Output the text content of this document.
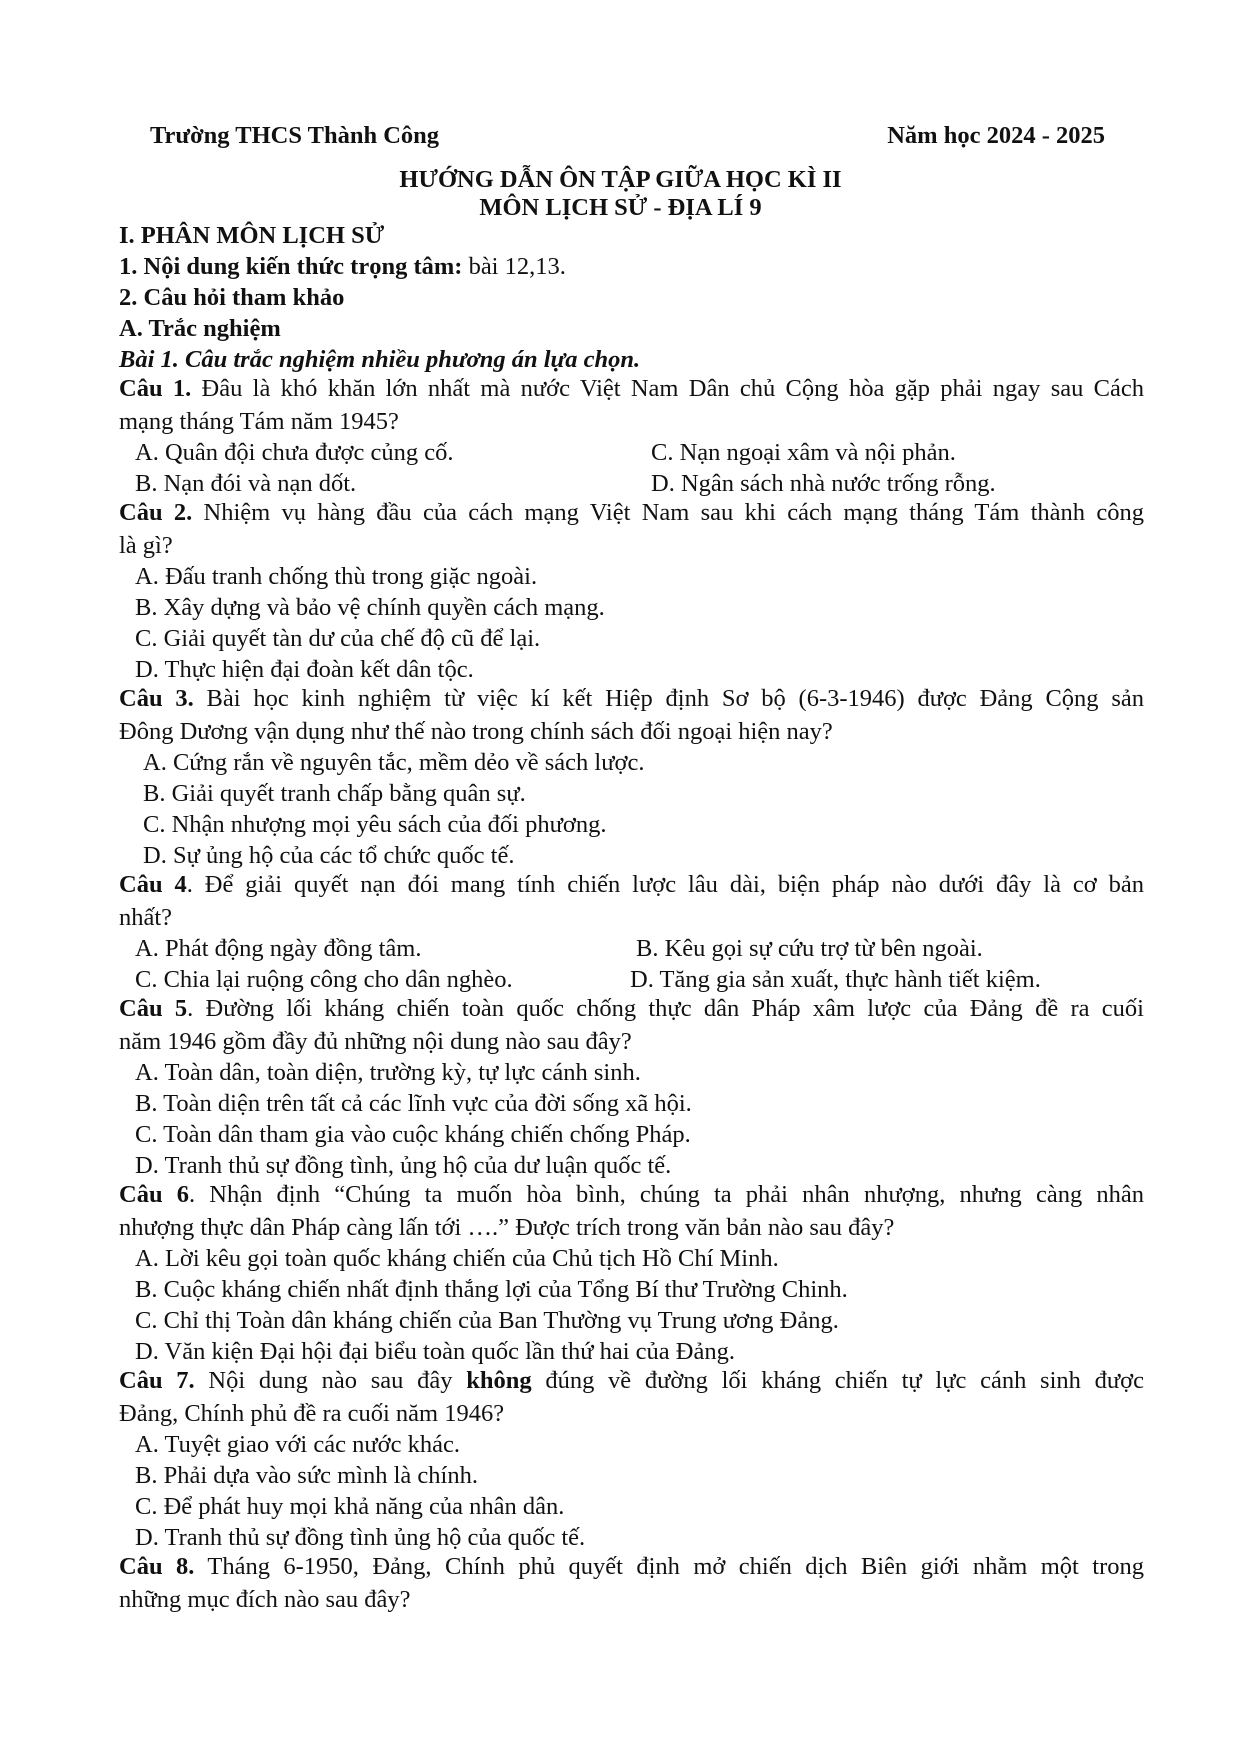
Trường THCS Thành Công	Năm học 2024 - 2025
HƯỚNG DẪN ÔN TẬP GIỮA HỌC KÌ II
MÔN LỊCH SỬ - ĐỊA LÍ 9
I. PHÂN MÔN LỊCH SỬ
1. Nội dung kiến thức trọng tâm: bài 12,13.
2. Câu hỏi tham khảo
A. Trắc nghiệm
Bài 1. Câu trắc nghiệm nhiều phương án lựa chọn.
Câu 1. Đâu là khó khăn lớn nhất mà nước Việt Nam Dân chủ Cộng hòa gặp phải ngay sau Cách
mạng tháng Tám năm 1945?
A. Quân đội chưa được củng cố.	C. Nạn ngoại xâm và nội phản.
B. Nạn đói và nạn dốt.	D. Ngân sách nhà nước trống rỗng.
Câu 2. Nhiệm vụ hàng đầu của cách mạng Việt Nam sau khi cách mạng tháng Tám thành công
là gì?
A. Đấu tranh chống thù trong giặc ngoài.
B. Xây dựng và bảo vệ chính quyền cách mạng.
C. Giải quyết tàn dư của chế độ cũ để lại.
D. Thực hiện đại đoàn kết dân tộc.
Câu 3. Bài học kinh nghiệm từ việc kí kết Hiệp định Sơ bộ (6-3-1946) được Đảng Cộng sản
Đông Dương vận dụng như thế nào trong chính sách đối ngoại hiện nay?
A. Cứng rắn về nguyên tắc, mềm dẻo về sách lược.
B. Giải quyết tranh chấp bằng quân sự.
C. Nhận nhượng mọi yêu sách của đối phương.
D. Sự ủng hộ của các tổ chức quốc tế.
Câu 4. Để giải quyết nạn đói mang tính chiến lược lâu dài, biện pháp nào dưới đây là cơ bản
nhất?
A. Phát động ngày đồng tâm.	B. Kêu gọi sự cứu trợ từ bên ngoài.
C. Chia lại ruộng công cho dân nghèo.	D. Tăng gia sản xuất, thực hành tiết kiệm.
Câu 5. Đường lối kháng chiến toàn quốc chống thực dân Pháp xâm lược của Đảng đề ra cuối
năm 1946 gồm đầy đủ những nội dung nào sau đây?
A. Toàn dân, toàn diện, trường kỳ, tự lực cánh sinh.
B. Toàn diện trên tất cả các lĩnh vực của đời sống xã hội.
C. Toàn dân tham gia vào cuộc kháng chiến chống Pháp.
D. Tranh thủ sự đồng tình, ủng hộ của dư luận quốc tế.
Câu 6. Nhận định “Chúng ta muốn hòa bình, chúng ta phải nhân nhượng, nhưng càng nhân
nhượng thực dân Pháp càng lấn tới ….” Được trích trong văn bản nào sau đây?
A. Lời kêu gọi toàn quốc kháng chiến của Chủ tịch Hồ Chí Minh.
B. Cuộc kháng chiến nhất định thắng lợi của Tổng Bí thư Trường Chinh.
C. Chỉ thị Toàn dân kháng chiến của Ban Thường vụ Trung ương Đảng.
D. Văn kiện Đại hội đại biểu toàn quốc lần thứ hai của Đảng.
Câu 7. Nội dung nào sau đây không đúng về đường lối kháng chiến tự lực cánh sinh được
Đảng, Chính phủ đề ra cuối năm 1946?
A. Tuyệt giao với các nước khác.
B. Phải dựa vào sức mình là chính.
C. Để phát huy mọi khả năng của nhân dân.
D. Tranh thủ sự đồng tình ủng hộ của quốc tế.
Câu 8. Tháng 6-1950, Đảng, Chính phủ quyết định mở chiến dịch Biên giới nhằm một trong
những mục đích nào sau đây?
